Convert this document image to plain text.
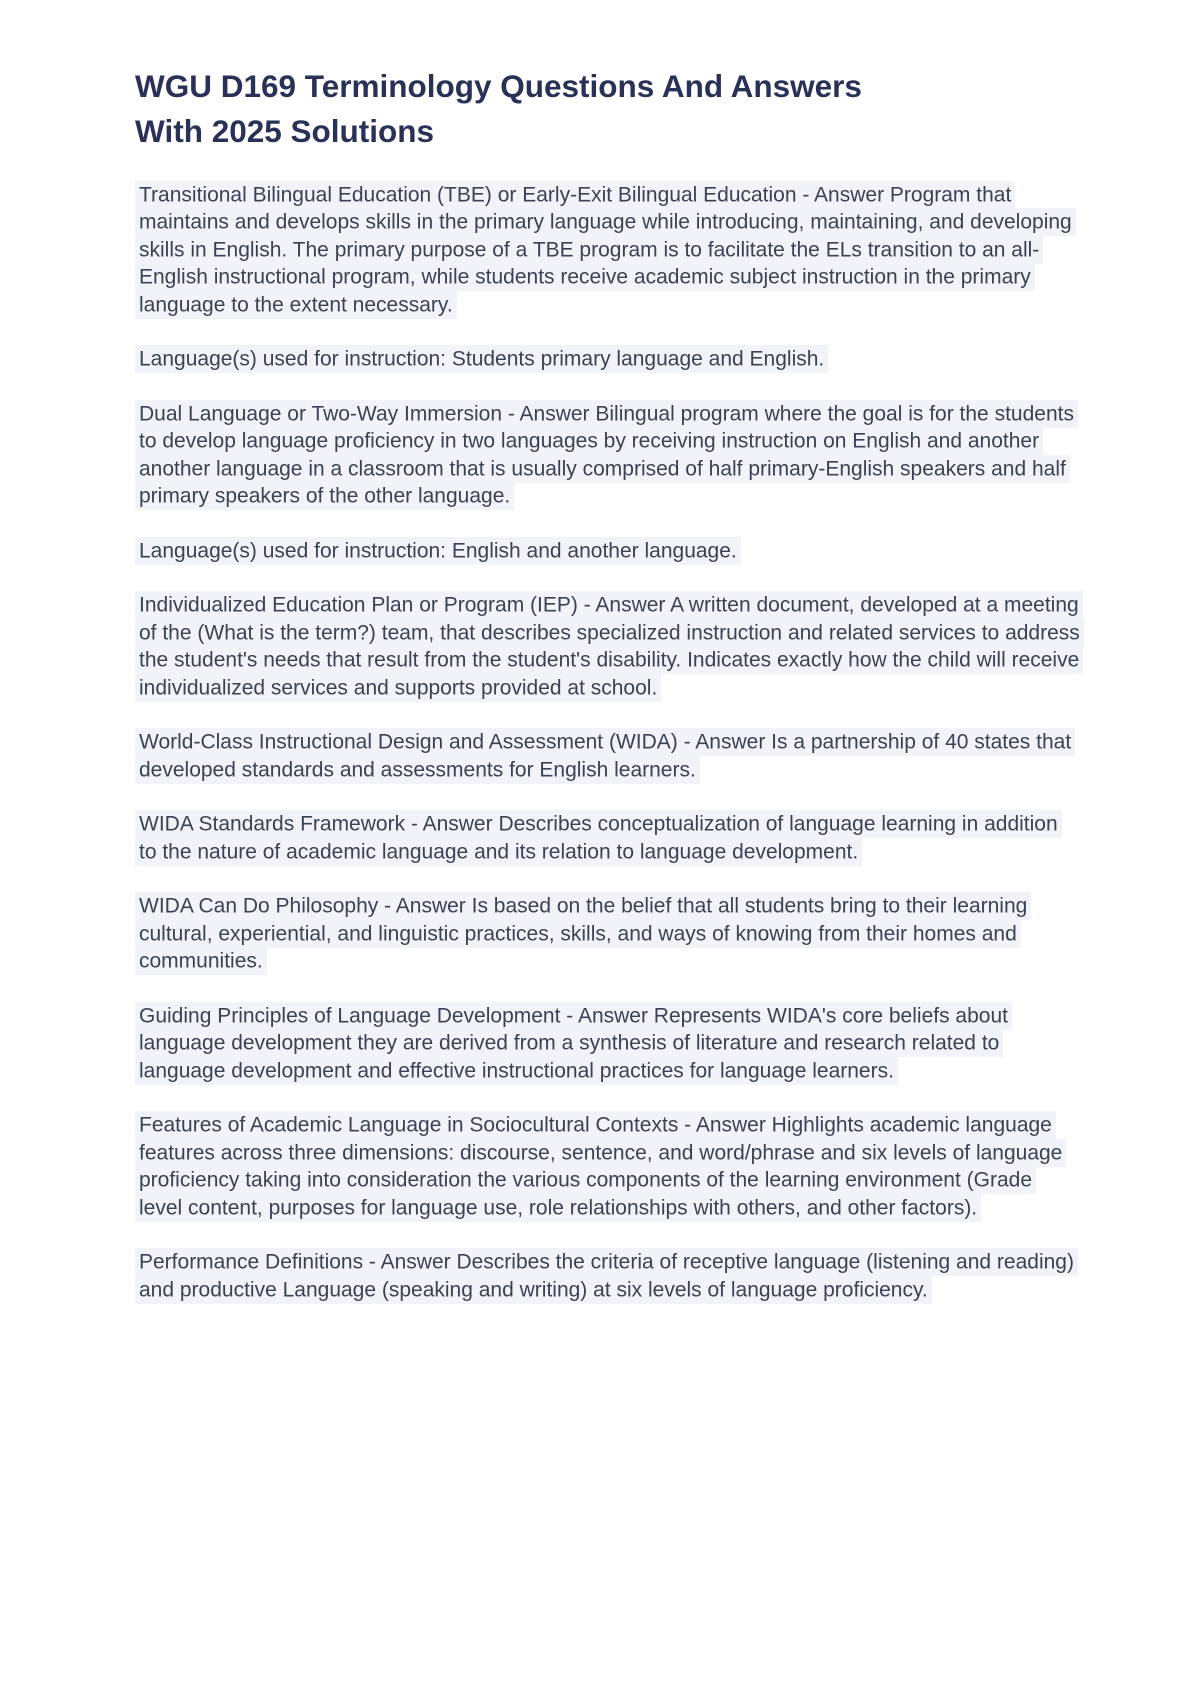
WGU D169 Terminology Questions And Answers
With 2025 Solutions

Transitional Bilingual Education (TBE) or Early-Exit Bilingual Education - Answer Program that maintains and develops skills in the primary language while introducing, maintaining, and developing skills in English. The primary purpose of a TBE program is to facilitate the ELs transition to an all-English instructional program, while students receive academic subject instruction in the primary language to the extent necessary.

Language(s) used for instruction: Students primary language and English.

Dual Language or Two-Way Immersion - Answer Bilingual program where the goal is for the students to develop language proficiency in two languages by receiving instruction on English and another another language in a classroom that is usually comprised of half primary-English speakers and half primary speakers of the other language.

Language(s) used for instruction: English and another language.

Individualized Education Plan or Program (IEP) - Answer A written document, developed at a meeting of the (What is the term?) team, that describes specialized instruction and related services to address the student's needs that result from the student's disability. Indicates exactly how the child will receive individualized services and supports provided at school.

World-Class Instructional Design and Assessment (WIDA) - Answer Is a partnership of 40 states that developed standards and assessments for English learners.

WIDA Standards Framework - Answer Describes conceptualization of language learning in addition to the nature of academic language and its relation to language development.

WIDA Can Do Philosophy - Answer Is based on the belief that all students bring to their learning cultural, experiential, and linguistic practices, skills, and ways of knowing from their homes and communities.

Guiding Principles of Language Development - Answer Represents WIDA's core beliefs about language development they are derived from a synthesis of literature and research related to language development and effective instructional practices for language learners.

Features of Academic Language in Sociocultural Contexts - Answer Highlights academic language features across three dimensions: discourse, sentence, and word/phrase and six levels of language proficiency taking into consideration the various components of the learning environment (Grade level content, purposes for language use, role relationships with others, and other factors).

Performance Definitions - Answer Describes the criteria of receptive language (listening and reading) and productive Language (speaking and writing) at six levels of language proficiency.
